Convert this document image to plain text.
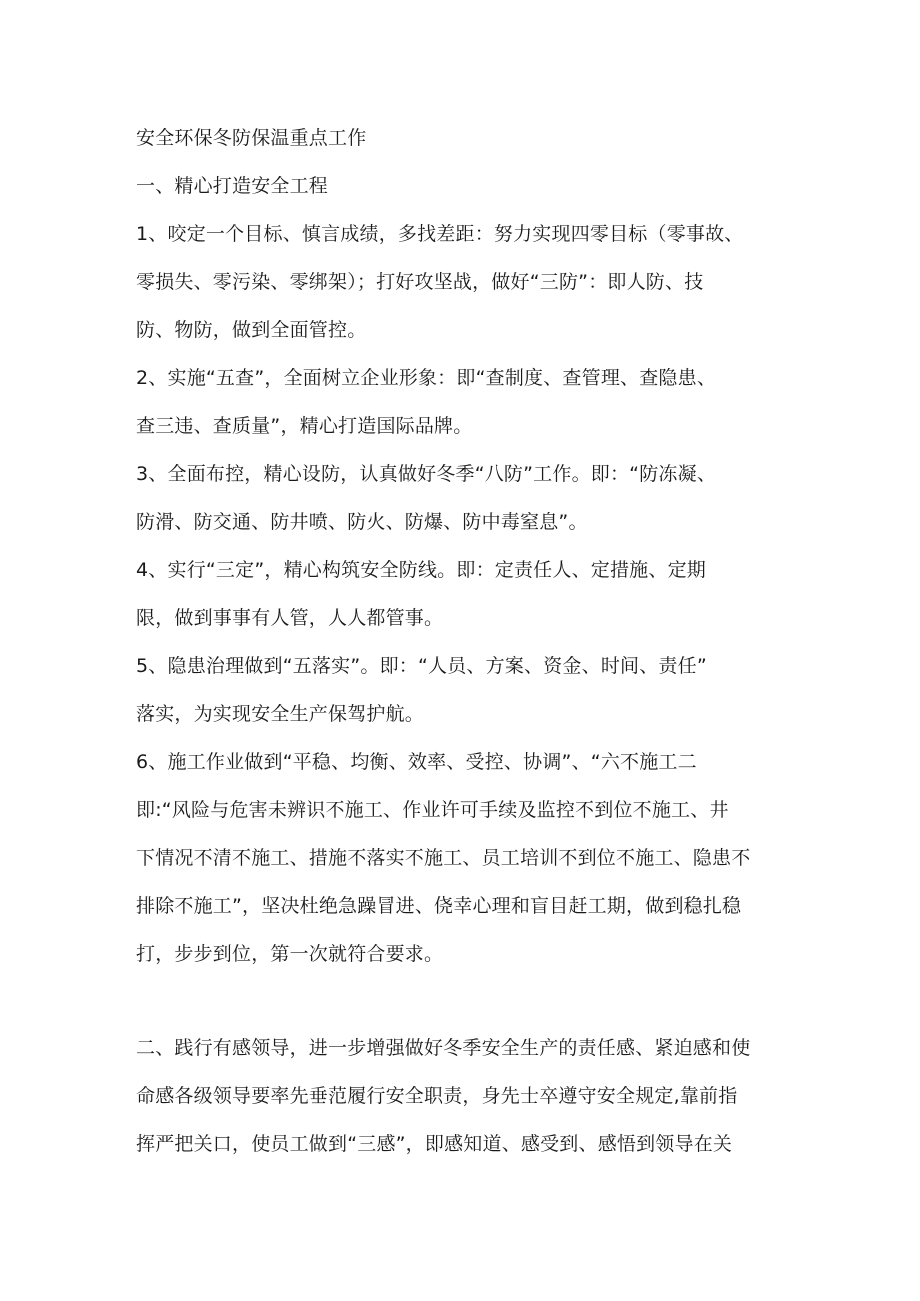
安全环保冬防保温重点工作
一、精心打造安全工程
1、咬定一个目标、慎言成绩，多找差距：努力实现四零目标（零事故、
零损失、零污染、零绑架）；打好攻坚战，做好“三防”：即人防、技
防、物防，做到全面管控。
2、实施“五查”，全面树立企业形象：即“查制度、查管理、查隐患、
查三违、查质量”，精心打造国际品牌。
3、全面布控，精心设防，认真做好冬季“八防”工作。即：“防冻凝、
防滑、防交通、防井喷、防火、防爆、防中毒窒息”。
4、实行“三定”，精心构筑安全防线。即：定责任人、定措施、定期
限，做到事事有人管，人人都管事。
5、隐患治理做到“五落实”。即：“人员、方案、资金、时间、责任”
落实，为实现安全生产保驾护航。
6、施工作业做到“平稳、均衡、效率、受控、协调”、“六不施工二
即:“风险与危害未辨识不施工、作业许可手续及监控不到位不施工、井
下情况不清不施工、措施不落实不施工、员工培训不到位不施工、隐患不
排除不施工”，坚决杜绝急躁冒进、侥幸心理和盲目赶工期，做到稳扎稳
打，步步到位，第一次就符合要求。
二、践行有感领导，进一步增强做好冬季安全生产的责任感、紧迫感和使
命感各级领导要率先垂范履行安全职责，身先士卒遵守安全规定,靠前指
挥严把关口，使员工做到“三感”，即感知道、感受到、感悟到领导在关
